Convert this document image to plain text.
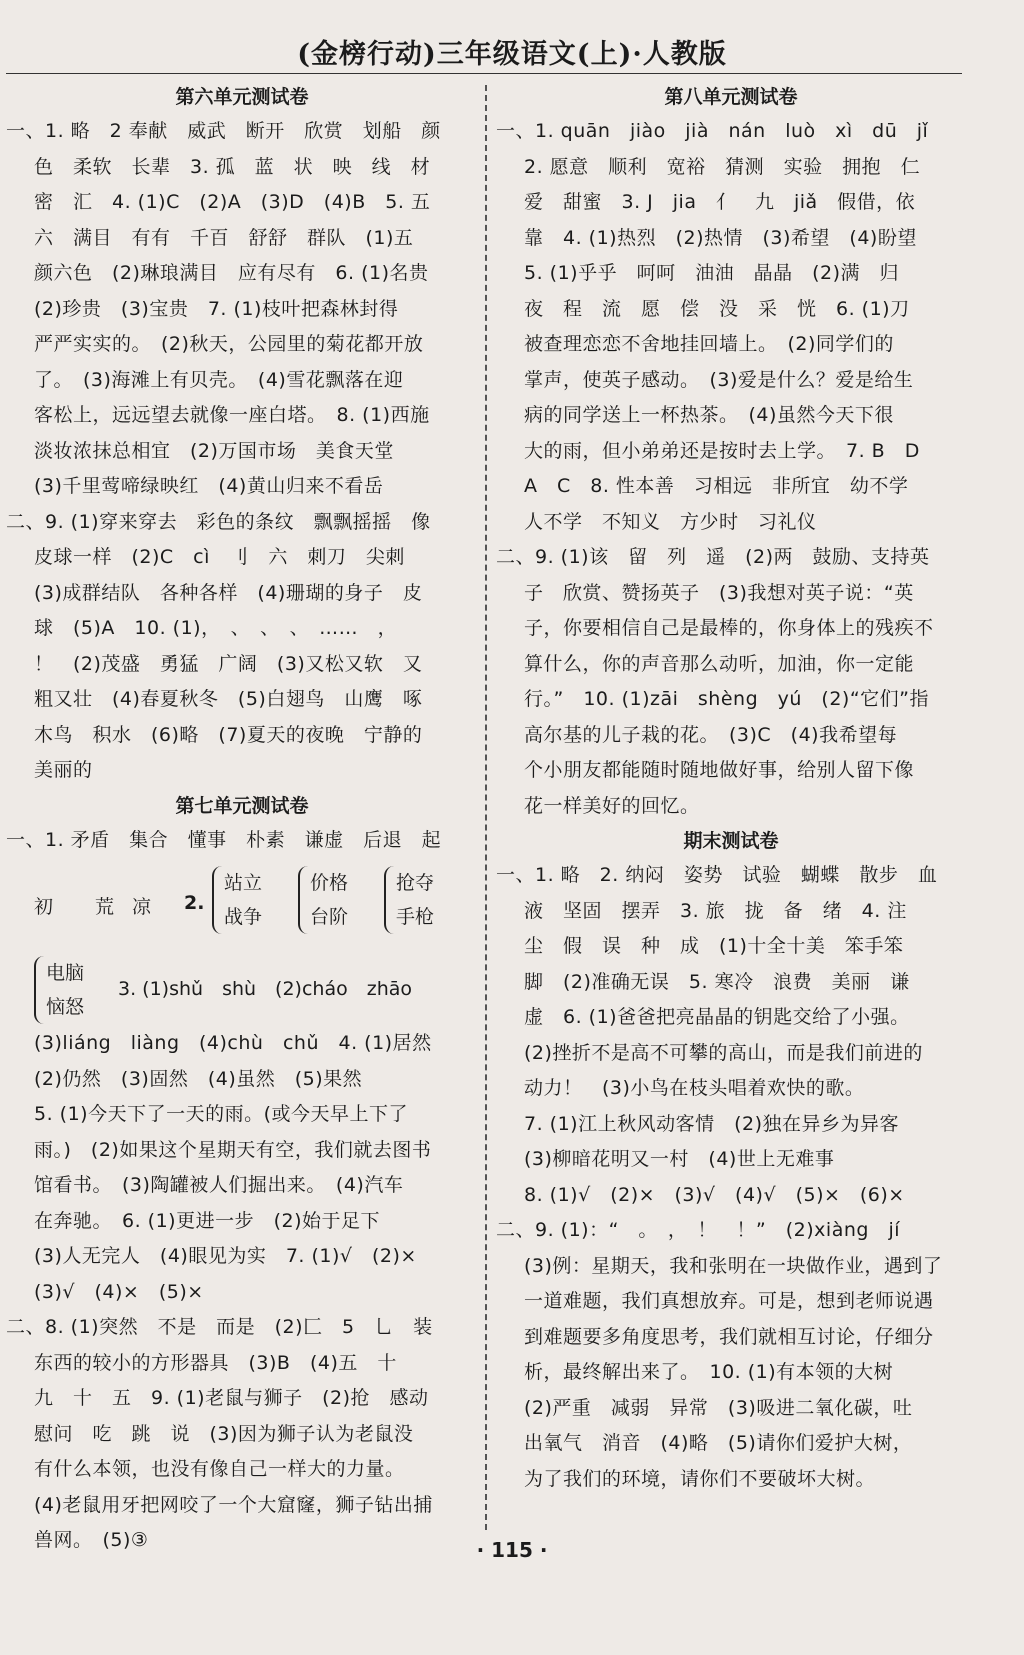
(金榜行动)三年级语文(上)·人教版
第六单元测试卷
一、1. 略　2 奉献　威武　断开　欣赏　划船　颜
色　柔软　长辈　3. 孤　蓝　状　映　线　材
密　汇　4. (1)C　(2)A　(3)D　(4)B　5. 五
六　满目　有有　千百　舒舒　群队　(1)五
颜六色　(2)琳琅满目　应有尽有　6. (1)名贵
(2)珍贵　(3)宝贵　7. (1)枝叶把森林封得
严严实实的。　(2)秋天，公园里的菊花都开放
了。　(3)海滩上有贝壳。　(4)雪花飘落在迎
客松上，远远望去就像一座白塔。　8. (1)西施
淡妆浓抹总相宜　(2)万国市场　美食天堂
(3)千里莺啼绿映红　(4)黄山归来不看岳
二、9. (1)穿来穿去　彩色的条纹　飘飘摇摇　像
皮球一样　(2)C　cì　刂　六　刺刀　尖刺
(3)成群结队　各种各样　(4)珊瑚的身子　皮
球　(5)A　10. (1)，　、　、　、　……　，
！　(2)茂盛　勇猛　广阔　(3)又松又软　又
粗又壮　(4)春夏秋冬　(5)白翅鸟　山鹰　啄
木鸟　积水　(6)略　(7)夏天的夜晚　宁静的
美丽的
第七单元测试卷
一、1. 矛盾　集合　懂事　朴素　谦虚　后退　起
初 荒凉 2.
站立
战争
价格
台阶
抢夺
手枪
电脑
恼怒
3. (1)shǔ　shù　(2)cháo　zhāo
(3)liáng　liàng　(4)chù　chǔ　4. (1)居然
(2)仍然　(3)固然　(4)虽然　(5)果然
5. (1)今天下了一天的雨。(或今天早上下了
雨。)　(2)如果这个星期天有空，我们就去图书
馆看书。　(3)陶罐被人们掘出来。　(4)汽车
在奔驰。　6. (1)更进一步　(2)始于足下
(3)人无完人　(4)眼见为实　7. (1)√　(2)×
(3)√　(4)×　(5)×
二、8. (1)突然　不是　而是　(2)匚　5　乚　装
东西的较小的方形器具　(3)B　(4)五　十
九　十　五　9. (1)老鼠与狮子　(2)抢　感动
慰问　吃　跳　说　(3)因为狮子认为老鼠没
有什么本领，也没有像自己一样大的力量。
(4)老鼠用牙把网咬了一个大窟窿，狮子钻出捕
兽网。　(5)③
第八单元测试卷
一、1. quān　jiào　jià　nán　luò　xì　dū　jǐ
2. 愿意　顺利　宽裕　猜测　实验　拥抱　仁
爱　甜蜜　3. J　jia　亻　九　jiǎ　假借，依
靠　4. (1)热烈　(2)热情　(3)希望　(4)盼望
5. (1)乎乎　呵呵　油油　晶晶　(2)满　归
夜　程　流　愿　偿　没　采　恍　6. (1)刀
被查理恋恋不舍地挂回墙上。　(2)同学们的
掌声，使英子感动。　(3)爱是什么？爱是给生
病的同学送上一杯热茶。　(4)虽然今天下很
大的雨，但小弟弟还是按时去上学。　7. B　D
A　C　8. 性本善　习相远　非所宜　幼不学
人不学　不知义　方少时　习礼仪
二、9. (1)该　留　列　遥　(2)两　鼓励、支持英
子　欣赏、赞扬英子　(3)我想对英子说：“英
子，你要相信自己是最棒的，你身体上的残疾不
算什么，你的声音那么动听，加油，你一定能
行。”　10. (1)zāi　shèng　yú　(2)“它们”指
高尔基的儿子栽的花。　(3)C　(4)我希望每
个小朋友都能随时随地做好事，给别人留下像
花一样美好的回忆。
期末测试卷
一、1. 略　2. 纳闷　姿势　试验　蝴蝶　散步　血
液　坚固　摆弄　3. 旅　拢　备　绪　4. 注
尘　假　误　种　成　(1)十全十美　笨手笨
脚　(2)准确无误　5. 寒冷　浪费　美丽　谦
虚　6. (1)爸爸把亮晶晶的钥匙交给了小强。
(2)挫折不是高不可攀的高山，而是我们前进的
动力！　(3)小鸟在枝头唱着欢快的歌。
7. (1)江上秋风动客情　(2)独在异乡为异客
(3)柳暗花明又一村　(4)世上无难事
8. (1)√　(2)×　(3)√　(4)√　(5)×　(6)×
二、9. (1)：“　。　，　！　！”　(2)xiàng　jí
(3)例：星期天，我和张明在一块做作业，遇到了
一道难题，我们真想放弃。可是，想到老师说遇
到难题要多角度思考，我们就相互讨论，仔细分
析，最终解出来了。　10. (1)有本领的大树
(2)严重　减弱　异常　(3)吸进二氧化碳，吐
出氧气　消音　(4)略　(5)请你们爱护大树，
为了我们的环境，请你们不要破坏大树。
· 115 ·
